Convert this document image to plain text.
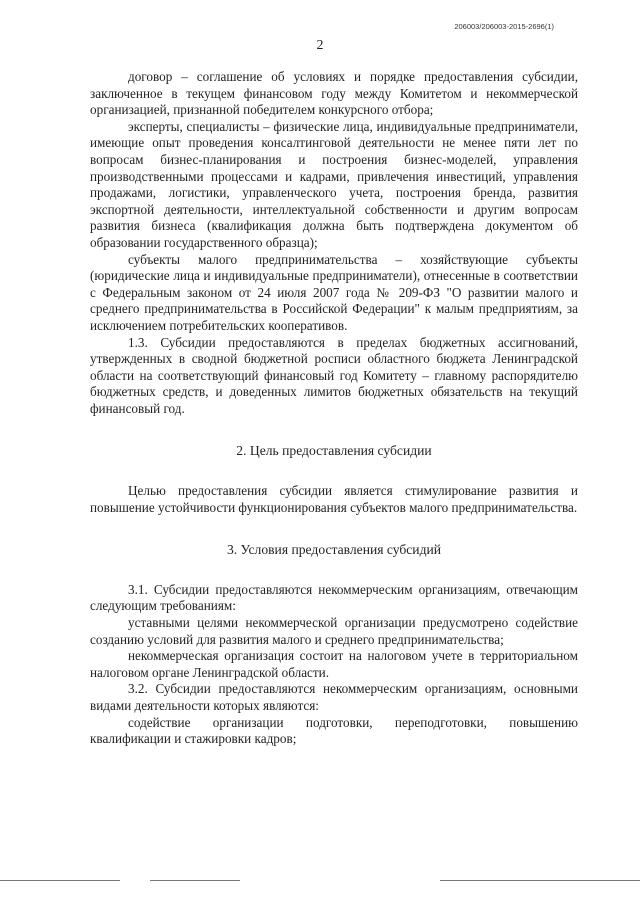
206003/206003-2015-2696(1)
2

договор – соглашение об условиях и порядке предоставления субсидии, заключенное в текущем финансовом году между Комитетом и некоммерческой организацией, признанной победителем конкурсного отбора;

эксперты, специалисты – физические лица, индивидуальные предприниматели, имеющие опыт проведения консалтинговой деятельности не менее пяти лет по вопросам бизнес-планирования и построения бизнес-моделей, управления производственными процессами и кадрами, привлечения инвестиций, управления продажами, логистики, управленческого учета, построения бренда, развития экспортной деятельности, интеллектуальной собственности и другим вопросам развития бизнеса (квалификация должна быть подтверждена документом об образовании государственного образца);

субъекты малого предпринимательства – хозяйствующие субъекты (юридические лица и индивидуальные предприниматели), отнесенные в соответствии с Федеральным законом от 24 июля 2007 года № 209-ФЗ "О развитии малого и среднего предпринимательства в Российской Федерации" к малым предприятиям, за исключением потребительских кооперативов.

1.3. Субсидии предоставляются в пределах бюджетных ассигнований, утвержденных в сводной бюджетной росписи областного бюджета Ленинградской области на соответствующий финансовый год Комитету – главному распорядителю бюджетных средств, и доведенных лимитов бюджетных обязательств на текущий финансовый год.

2. Цель предоставления субсидии

Целью предоставления субсидии является стимулирование развития и повышение устойчивости функционирования субъектов малого предпринимательства.

3. Условия предоставления субсидий

3.1. Субсидии предоставляются некоммерческим организациям, отвечающим следующим требованиям:

уставными целями некоммерческой организации предусмотрено содействие созданию условий для развития малого и среднего предпринимательства;

некоммерческая организация состоит на налоговом учете в территориальном налоговом органе Ленинградской области.

3.2. Субсидии предоставляются некоммерческим организациям, основными видами деятельности которых являются:

содействие организации подготовки, переподготовки, повышению квалификации и стажировки кадров;
